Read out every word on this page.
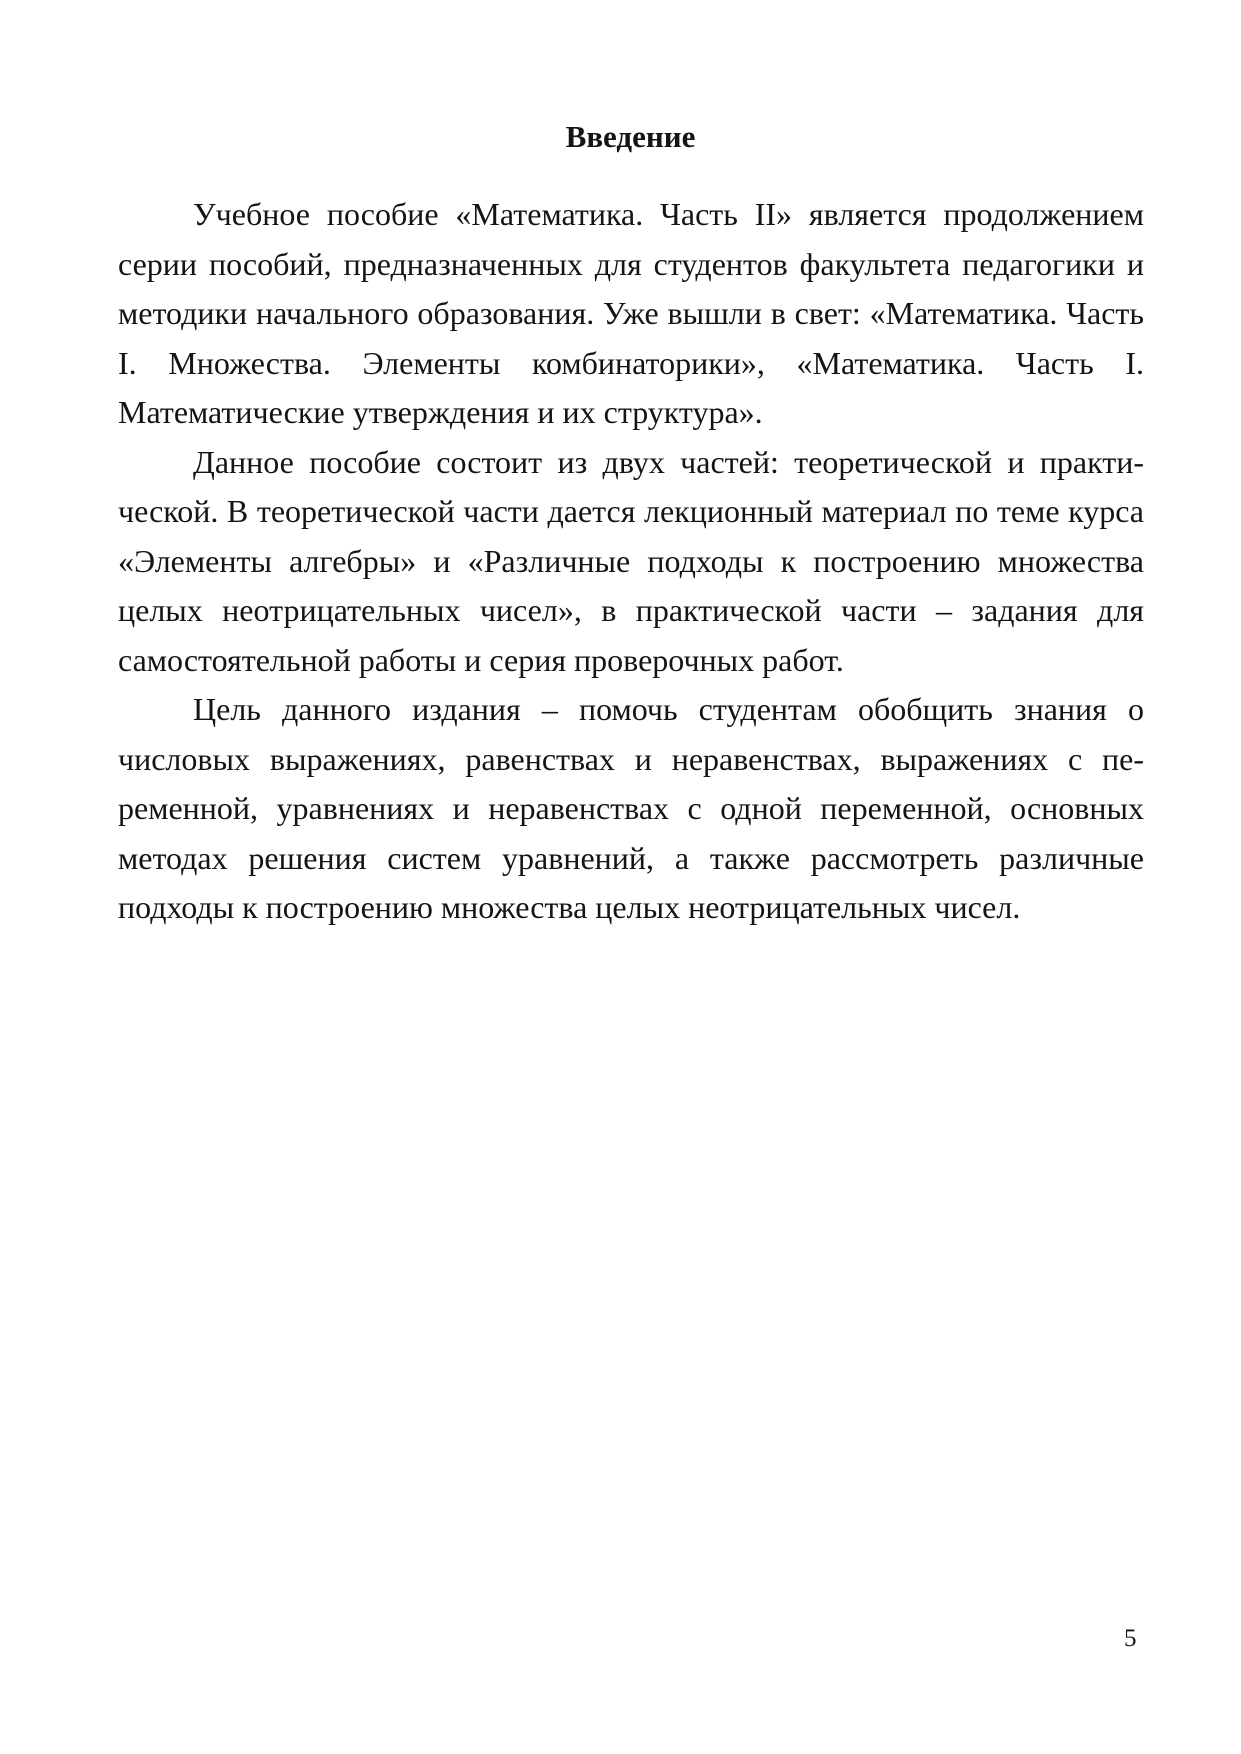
Введение

Учебное пособие «Математика. Часть II» является продолжением серии пособий, предназначенных для студентов факультета педагогики и методики начального образования. Уже вышли в свет: «Математика. Часть I. Множества. Элементы комбинаторики», «Математика. Часть I. Математические утверждения и их структура».

Данное пособие состоит из двух частей: теоретической и практической. В теоретической части дается лекционный материал по теме курса «Элементы алгебры» и «Различные подходы к построению множества целых неотрицательных чисел», в практической части – задания для самостоятельной работы и серия проверочных работ.

Цель данного издания – помочь студентам обобщить знания о числовых выражениях, равенствах и неравенствах, выражениях с переменной, уравнениях и неравенствах с одной переменной, основных методах решения систем уравнений, а также рассмотреть различные подходы к построению множества целых неотрицательных чисел.

5
